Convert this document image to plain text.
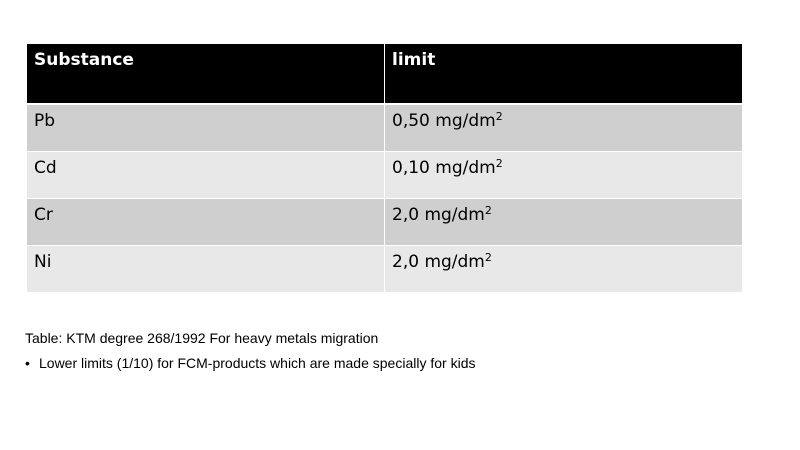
Substance	limit
Pb	0,50 $mg/dm^2$
Cd	0,10 $mg/dm^2$
Cr	2,0 $mg/dm^2$
Ni	2,0 $mg/dm^2$

Table: KTM degree 268/1992 For heavy metals migration

• Lower limits (1/10) for FCM-products which are made specially for kids
